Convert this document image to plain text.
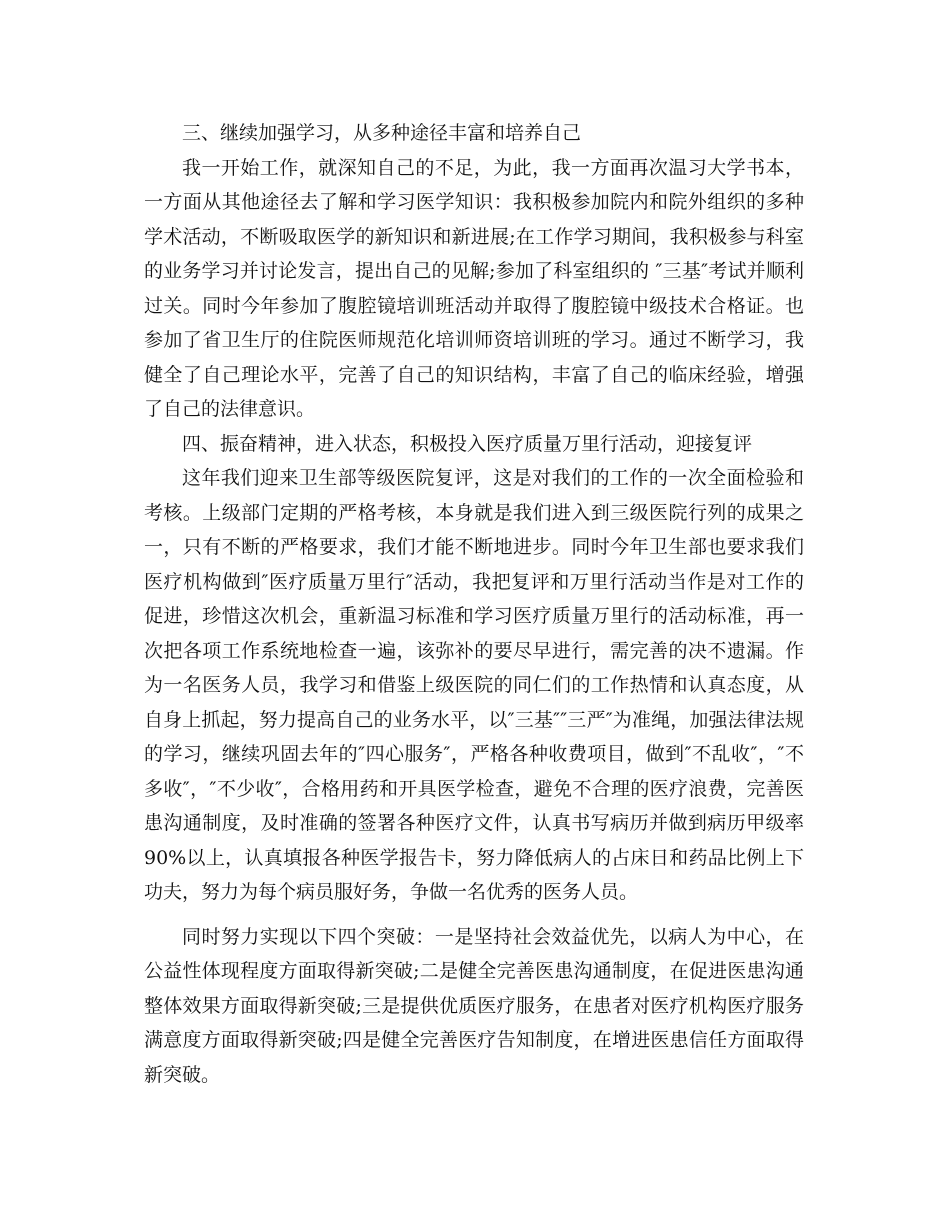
三、继续加强学习，从多种途径丰富和培养自己

我一开始工作，就深知自己的不足，为此，我一方面再次温习大学书本，一方面从其他途径去了解和学习医学知识：我积极参加院内和院外组织的多种学术活动，不断吸取医学的新知识和新进展;在工作学习期间，我积极参与科室的业务学习并讨论发言，提出自己的见解;参加了科室组织的 ″三基″考试并顺利过关。同时今年参加了腹腔镜培训班活动并取得了腹腔镜中级技术合格证。也参加了省卫生厅的住院医师规范化培训师资培训班的学习。通过不断学习，我健全了自己理论水平，完善了自己的知识结构，丰富了自己的临床经验，增强了自己的法律意识。

四、振奋精神，进入状态，积极投入医疗质量万里行活动，迎接复评

这年我们迎来卫生部等级医院复评，这是对我们的工作的一次全面检验和考核。上级部门定期的严格考核，本身就是我们进入到三级医院行列的成果之一，只有不断的严格要求，我们才能不断地进步。同时今年卫生部也要求我们医疗机构做到″医疗质量万里行″活动，我把复评和万里行活动当作是对工作的促进，珍惜这次机会，重新温习标准和学习医疗质量万里行的活动标准，再一次把各项工作系统地检查一遍，该弥补的要尽早进行，需完善的决不遗漏。作为一名医务人员，我学习和借鉴上级医院的同仁们的工作热情和认真态度，从自身上抓起，努力提高自己的业务水平，以″三基″″三严″为准绳，加强法律法规的学习，继续巩固去年的″四心服务″，严格各种收费项目，做到″不乱收″，″不多收″，″不少收″，合格用药和开具医学检查，避免不合理的医疗浪费，完善医患沟通制度，及时准确的签署各种医疗文件，认真书写病历并做到病历甲级率90%以上，认真填报各种医学报告卡，努力降低病人的占床日和药品比例上下功夫，努力为每个病员服好务，争做一名优秀的医务人员。

同时努力实现以下四个突破：一是坚持社会效益优先，以病人为中心，在公益性体现程度方面取得新突破;二是健全完善医患沟通制度，在促进医患沟通整体效果方面取得新突破;三是提供优质医疗服务，在患者对医疗机构医疗服务满意度方面取得新突破;四是健全完善医疗告知制度，在增进医患信任方面取得新突破。
